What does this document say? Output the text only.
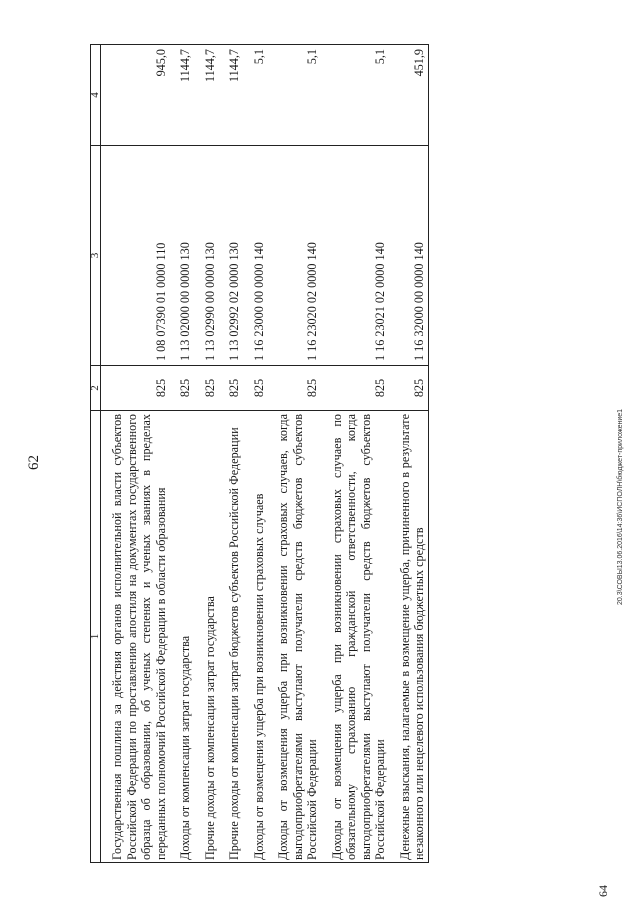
62
64
20.3\СОВЫ13.06.2016\14:36\ИСПОЛН\бюджет-приложение1
1	2	3	4
Государственная пошлина за действия органов исполнительной власти субъектов Российской Федерации по проставлению апостиля на документах государственного образца об образовании, об ученых степенях и ученых званиях в пределах переданных полномочий Российской Федерации в области образования	825	1 08 07390 01 0000 110	945,0
Доходы от компенсации затрат государства	825	1 13 02000 00 0000 130	1144,7
Прочие доходы от компенсации затрат государства	825	1 13 02990 00 0000 130	1144,7
Прочие доходы от компенсации затрат бюджетов субъектов Российской Федерации	825	1 13 02992 02 0000 130	1144,7
Доходы от возмещения ущерба при возникновении страховых случаев	825	1 16 23000 00 0000 140	5,1
Доходы от возмещения ущерба при возникновении страховых случаев, когда выгодоприобретателями выступают получатели средств бюджетов субъектов Российской Федерации	825	1 16 23020 02 0000 140	5,1
Доходы от возмещения ущерба при возникновении страховых случаев по обязательному страхованию гражданской ответственности, когда выгодоприобретателями выступают получатели средств бюджетов субъектов Российской Федерации	825	1 16 23021 02 0000 140	5,1
Денежные взыскания, налагаемые в возмещение ущерба, причиненного в результате незаконного или нецелевого использования бюджетных средств	825	1 16 32000 00 0000 140	451,9
